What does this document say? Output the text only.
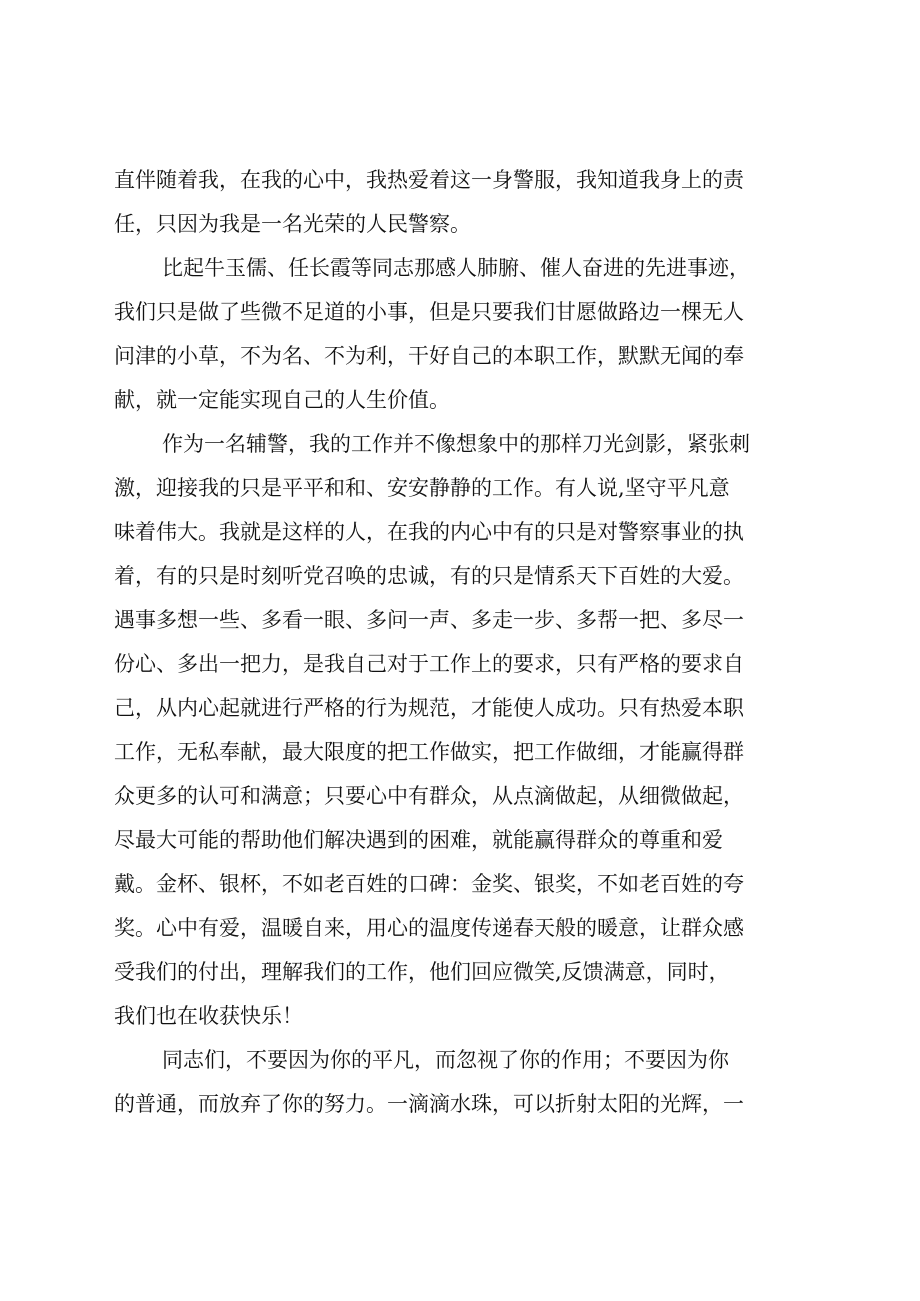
直伴随着我，在我的心中，我热爱着这一身警服，我知道我身上的责
任，只因为我是一名光荣的人民警察。
比起牛玉儒、任长霞等同志那感人肺腑、催人奋进的先进事迹，
我们只是做了些微不足道的小事，但是只要我们甘愿做路边一棵无人
问津的小草，不为名、不为利，干好自己的本职工作，默默无闻的奉
献，就一定能实现自己的人生价值。
作为一名辅警，我的工作并不像想象中的那样刀光剑影，紧张刺
激，迎接我的只是平平和和、安安静静的工作。有人说,坚守平凡意
味着伟大。我就是这样的人，在我的内心中有的只是对警察事业的执
着，有的只是时刻听党召唤的忠诚，有的只是情系天下百姓的大爱。
遇事多想一些、多看一眼、多问一声、多走一步、多帮一把、多尽一
份心、多出一把力，是我自己对于工作上的要求，只有严格的要求自
己，从内心起就进行严格的行为规范，才能使人成功。只有热爱本职
工作，无私奉献，最大限度的把工作做实，把工作做细，才能赢得群
众更多的认可和满意；只要心中有群众，从点滴做起，从细微做起，
尽最大可能的帮助他们解决遇到的困难，就能赢得群众的尊重和爱
戴。金杯、银杯，不如老百姓的口碑：金奖、银奖，不如老百姓的夸
奖。心中有爱，温暖自来，用心的温度传递春天般的暖意，让群众感
受我们的付出，理解我们的工作，他们回应微笑,反馈满意，同时，
我们也在收获快乐！
同志们，不要因为你的平凡，而忽视了你的作用；不要因为你
的普通，而放弃了你的努力。一滴滴水珠，可以折射太阳的光辉，一
